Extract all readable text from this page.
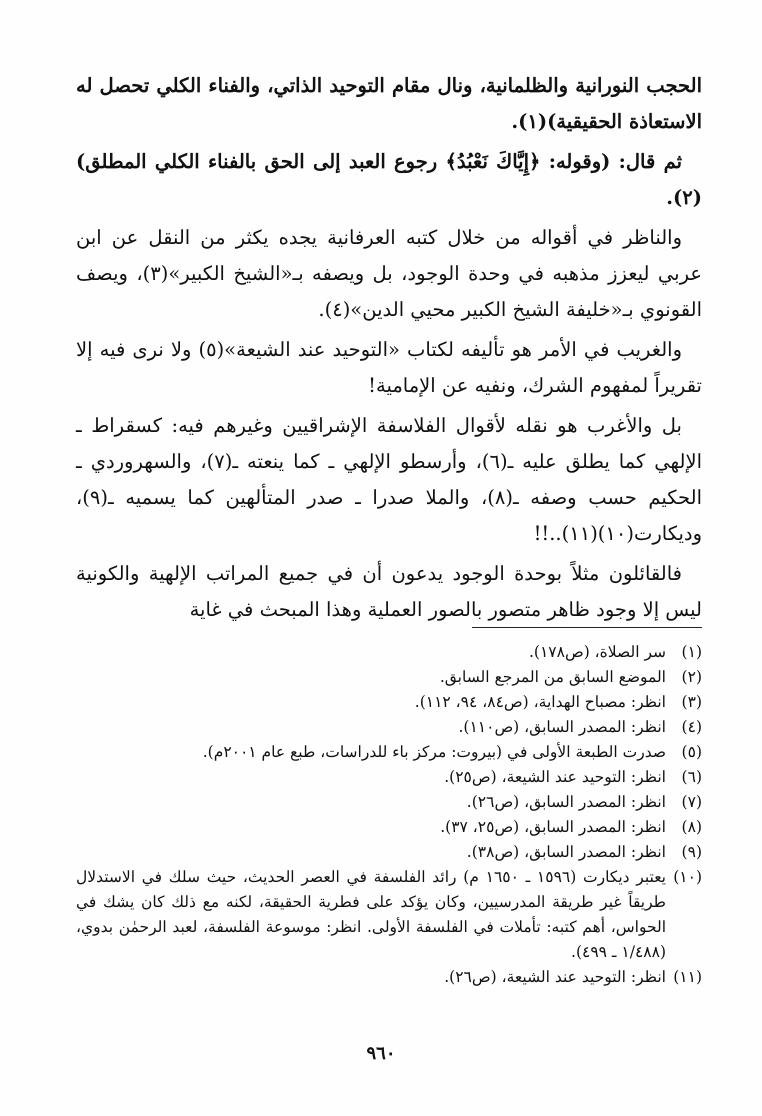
الحجب النورانية والظلمانية، ونال مقام التوحيد الذاتي، والفناء الكلي تحصل له الاستعاذة الحقيقية)(١).

ثم قال: (وقوله: ﴿إِيَّاكَ نَعْبُدُ﴾ رجوع العبد إلى الحق بالفناء الكلي المطلق)(٢).

والناظر في أقواله من خلال كتبه العرفانية يجده يكثر من النقل عن ابن عربي ليعزز مذهبه في وحدة الوجود، بل ويصفه بـ«الشيخ الكبير»(٣)، ويصف القونوي بـ«خليفة الشيخ الكبير محيي الدين»(٤).

والغريب في الأمر هو تأليفه لكتاب «التوحيد عند الشيعة»(٥) ولا نرى فيه إلا تقريراً لمفهوم الشرك، ونفيه عن الإمامية!

بل والأغرب هو نقله لأقوال الفلاسفة الإشراقيين وغيرهم فيه: كسقراط ـ الإلهي كما يطلق عليه ـ(٦)، وأرسطو الإلهي ـ كما ينعته ـ(٧)، والسهروردي ـ الحكيم حسب وصفه ـ(٨)، والملا صدرا ـ صدر المتألهين كما يسميه ـ(٩)، وديكارت(١٠)(١١)..!!

فالقائلون مثلاً بوحدة الوجود يدعون أن في جميع المراتب الإلهية والكونية ليس إلا وجود ظاهر متصور بالصور العملية وهذا المبحث في غاية

(١)
سر الصلاة، (ص١٧٨).
(٢)
الموضع السابق من المرجع السابق.
(٣)
انظر: مصباح الهداية، (ص٨٤، ٩٤، ١١٢).
(٤)
انظر: المصدر السابق، (ص١١٠).
(٥)
صدرت الطبعة الأولى في (بيروت: مركز باء للدراسات، طبع عام ٢٠٠١م).
(٦)
انظر: التوحيد عند الشيعة، (ص٢٥).
(٧)
انظر: المصدر السابق، (ص٢٦).
(٨)
انظر: المصدر السابق، (ص٢٥، ٣٧).
(٩)
انظر: المصدر السابق، (ص٣٨).
(١٠)
يعتبر ديكارت (١٥٩٦ ـ ١٦٥٠ م) رائد الفلسفة في العصر الحديث، حيث سلك في الاستدلال طريقاً غير طريقة المدرسيين، وكان يؤكد على فطرية الحقيقة، لكنه مع ذلك كان يشك في الحواس، أهم كتبه: تأملات في الفلسفة الأولى. انظر: موسوعة الفلسفة، لعبد الرحمٰن بدوي، (١/٤٨٨ ـ ٤٩٩).
(١١)
انظر: التوحيد عند الشيعة، (ص٢٦).
٩٦٠
